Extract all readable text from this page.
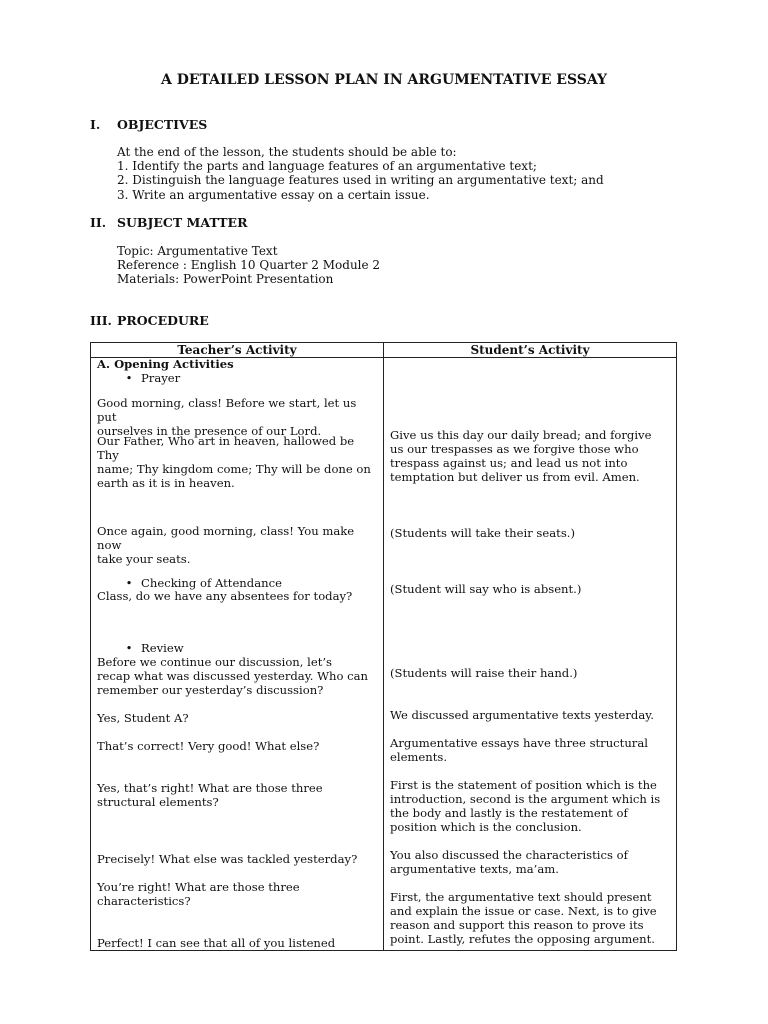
A DETAILED LESSON PLAN IN ARGUMENTATIVE ESSAY
I. OBJECTIVES
At the end of the lesson, the students should be able to:
1. Identify the parts and language features of an argumentative text;
2. Distinguish the language features used in writing an argumentative text; and
3. Write an argumentative essay on a certain issue.
II. SUBJECT MATTER
Topic: Argumentative Text
Reference : English 10 Quarter 2 Module 2
Materials: PowerPoint Presentation
III. PROCEDURE
Teacher’s Activity	Student’s Activity
A. Opening Activities
• Prayer
Good morning, class! Before we start, let us put
ourselves in the presence of our Lord.
Our Father, Who art in heaven, hallowed be Thy
name; Thy kingdom come; Thy will be done on
earth as it is in heaven.
Once again, good morning, class! You make now
take your seats.
• Checking of Attendance
Class, do we have any absentees for today?
• Review
Before we continue our discussion, let’s
recap what was discussed yesterday. Who can
remember our yesterday’s discussion?
Yes, Student A?
That’s correct! Very good! What else?
Yes, that’s right! What are those three
structural elements?
Precisely! What else was tackled yesterday?
You’re right! What are those three
characteristics?
Perfect! I can see that all of you listened
Give us this day our daily bread; and forgive
us our trespasses as we forgive those who
trespass against us; and lead us not into
temptation but deliver us from evil. Amen.
(Students will take their seats.)
(Student will say who is absent.)
(Students will raise their hand.)
We discussed argumentative texts yesterday.
Argumentative essays have three structural
elements.
First is the statement of position which is the
introduction, second is the argument which is
the body and lastly is the restatement of
position which is the conclusion.
You also discussed the characteristics of
argumentative texts, ma’am.
First, the argumentative text should present
and explain the issue or case. Next, is to give
reason and support this reason to prove its
point. Lastly, refutes the opposing argument.
